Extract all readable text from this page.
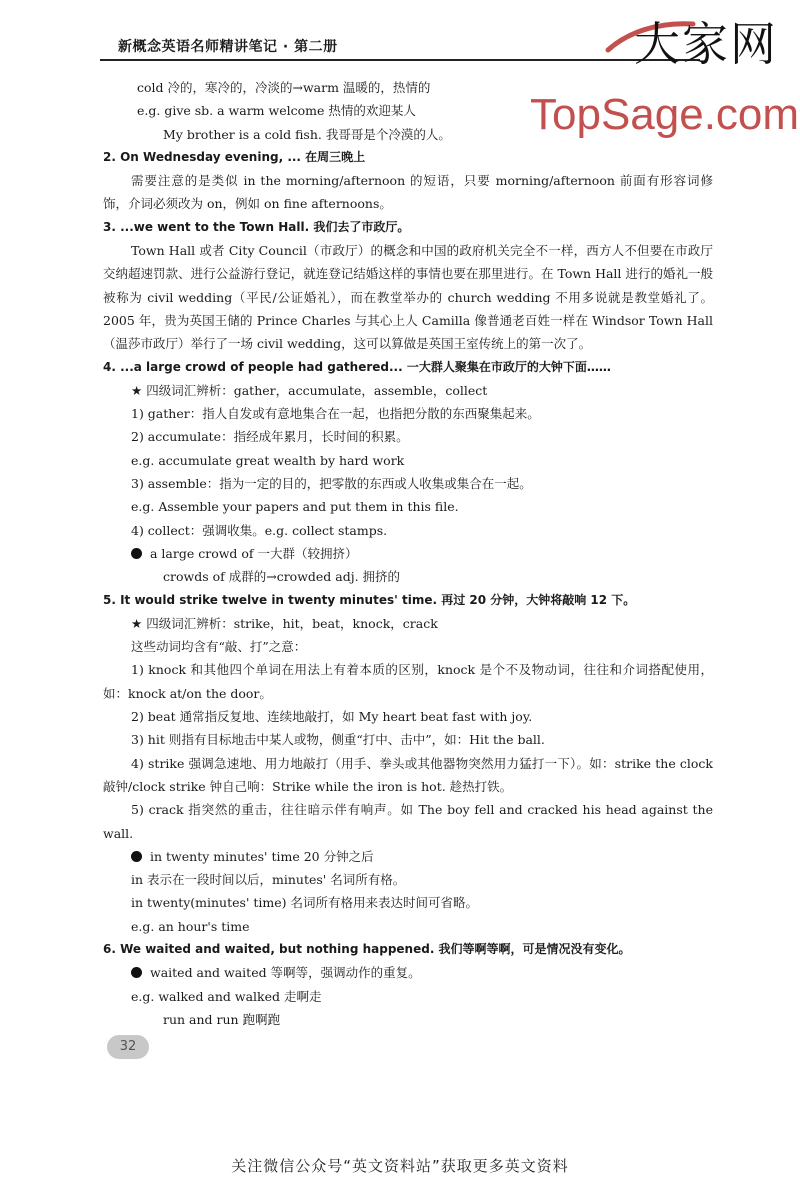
新概念英语名师精讲笔记 · 第二册	大家网
TopSage.com
cold 冷的，寒冷的，冷淡的→warm 温暖的，热情的
e.g. give sb. a warm welcome 热情的欢迎某人
My brother is a cold fish. 我哥哥是个冷漠的人。
2. On Wednesday evening, ... 在周三晚上
需要注意的是类似 in the morning/afternoon 的短语，只要 morning/afternoon 前面有形容词修饰，介词必须改为 on，例如 on fine afternoons。
3. ...we went to the Town Hall. 我们去了市政厅。
Town Hall 或者 City Council（市政厅）的概念和中国的政府机关完全不一样，西方人不但要在市政厅交纳超速罚款、进行公益游行登记，就连登记结婚这样的事情也要在那里进行。在 Town Hall 进行的婚礼一般被称为 civil wedding（平民/公证婚礼），而在教堂举办的 church wedding 不用多说就是教堂婚礼了。2005 年，贵为英国王储的 Prince Charles 与其心上人 Camilla 像普通老百姓一样在 Windsor Town Hall（温莎市政厅）举行了一场 civil wedding，这可以算做是英国王室传统上的第一次了。
4. ...a large crowd of people had gathered... 一大群人聚集在市政厅的大钟下面……
★ 四级词汇辨析：gather，accumulate，assemble，collect
1) gather：指人自发或有意地集合在一起，也指把分散的东西聚集起来。
2) accumulate：指经成年累月，长时间的积累。
e.g. accumulate great wealth by hard work
3) assemble：指为一定的目的，把零散的东西或人收集或集合在一起。
e.g. Assemble your papers and put them in this file.
4) collect：强调收集。e.g. collect stamps.
a large crowd of 一大群（较拥挤）
crowds of 成群的→crowded adj. 拥挤的
5. It would strike twelve in twenty minutes' time. 再过 20 分钟，大钟将敲响 12 下。
★ 四级词汇辨析：strike，hit，beat，knock，crack
这些动词均含有“敲、打”之意：
1) knock 和其他四个单词在用法上有着本质的区别，knock 是个不及物动词，往往和介词搭配使用，如：knock at/on the door。
2) beat 通常指反复地、连续地敲打，如 My heart beat fast with joy.
3) hit 则指有目标地击中某人或物，侧重“打中、击中”，如：Hit the ball.
4) strike 强调急速地、用力地敲打（用手、拳头或其他器物突然用力猛打一下）。如：strike the clock 敲钟/clock strike 钟自己响：Strike while the iron is hot. 趁热打铁。
5) crack 指突然的重击，往往暗示伴有响声。如 The boy fell and cracked his head against the wall.
in twenty minutes' time 20 分钟之后
in 表示在一段时间以后，minutes' 名词所有格。
in twenty(minutes' time) 名词所有格用来表达时间可省略。
e.g. an hour's time
6. We waited and waited, but nothing happened. 我们等啊等啊，可是情况没有变化。
waited and waited 等啊等，强调动作的重复。
e.g. walked and walked 走啊走
run and run 跑啊跑
32
关注微信公众号“英文资料站”获取更多英文资料
